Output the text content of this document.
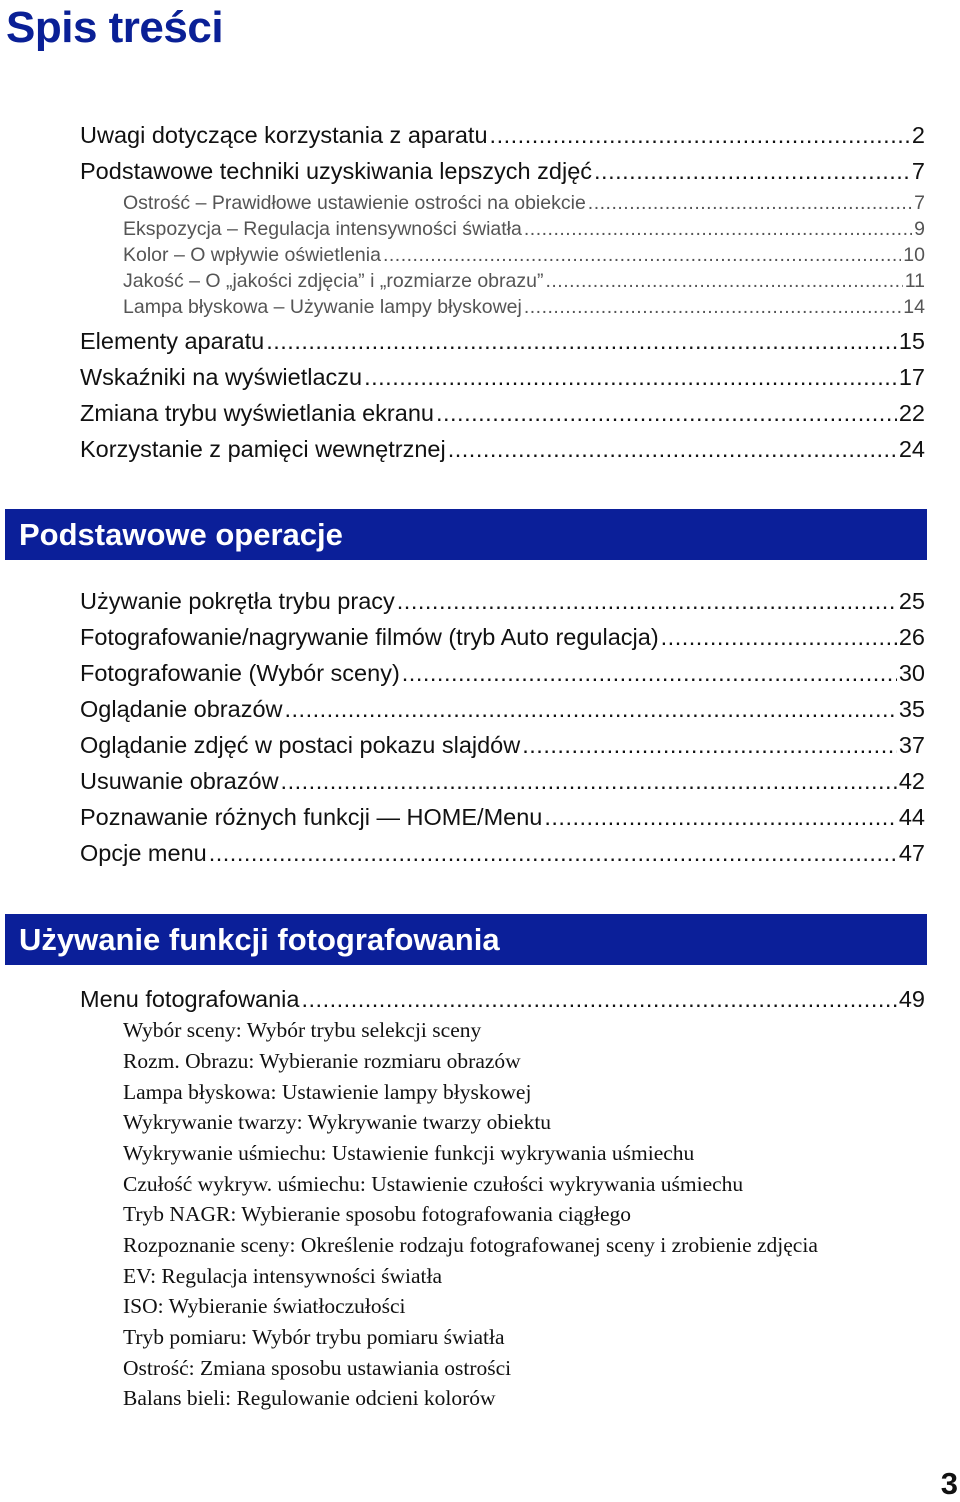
Spis treści
Uwagi dotyczące korzystania z aparatu .....	2
Podstawowe techniki uzyskiwania lepszych zdjęć .....	7
Ostrość – Prawidłowe ustawienie ostrości na obiekcie .....	7
Ekspozycja – Regulacja intensywności światła .....	9
Kolor – O wpływie oświetlenia .....	10
Jakość – O „jakości zdjęcia” i „rozmiarze obrazu” .....	11
Lampa błyskowa – Używanie lampy błyskowej .....	14
Elementy aparatu .....	15
Wskaźniki na wyświetlaczu .....	17
Zmiana trybu wyświetlania ekranu .....	22
Korzystanie z pamięci wewnętrznej .....	24
Podstawowe operacje
Używanie pokrętła trybu pracy .....	25
Fotografowanie/nagrywanie filmów (tryb Auto regulacja) .....	26
Fotografowanie (Wybór sceny) .....	30
Oglądanie obrazów .....	35
Oglądanie zdjęć w postaci pokazu slajdów .....	37
Usuwanie obrazów .....	42
Poznawanie różnych funkcji — HOME/Menu .....	44
Opcje menu .....	47
Używanie funkcji fotografowania
Menu fotografowania .....	49
Wybór sceny: Wybór trybu selekcji sceny
Rozm. Obrazu: Wybieranie rozmiaru obrazów
Lampa błyskowa: Ustawienie lampy błyskowej
Wykrywanie twarzy: Wykrywanie twarzy obiektu
Wykrywanie uśmiechu: Ustawienie funkcji wykrywania uśmiechu
Czułość wykryw. uśmiechu: Ustawienie czułości wykrywania uśmiechu
Tryb NAGR: Wybieranie sposobu fotografowania ciągłego
Rozpoznanie sceny: Określenie rodzaju fotografowanej sceny i zrobienie zdjęcia
EV: Regulacja intensywności światła
ISO: Wybieranie światłoczułości
Tryb pomiaru: Wybór trybu pomiaru światła
Ostrość: Zmiana sposobu ustawiania ostrości
Balans bieli: Regulowanie odcieni kolorów
3
